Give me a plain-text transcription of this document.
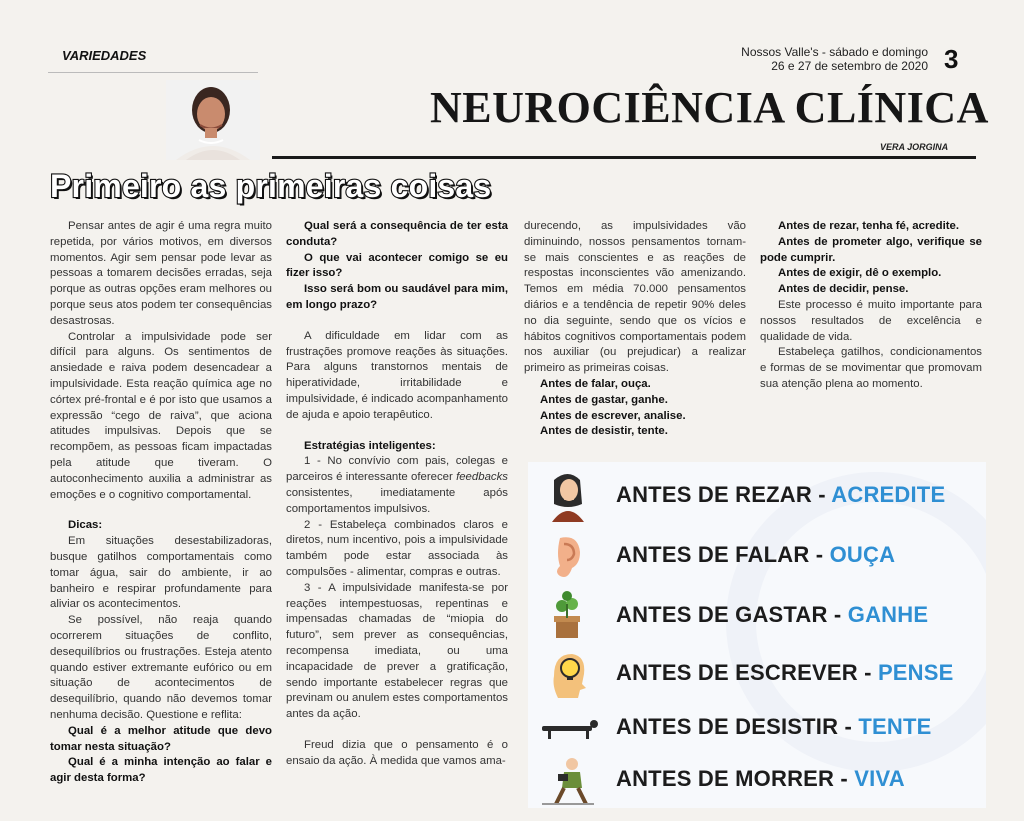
VARIEDADES	Nossos Valle's - sábado e domingo
26 e 27 de setembro de 2020 3
NEUROCIÊNCIA CLÍNICA
VERA JORGINA
Primeiro as primeiras coisas

Pensar antes de agir é uma regra muito repetida, por vários motivos, em diversos momentos. Agir sem pensar pode levar as pessoas a tomarem decisões erradas, seja porque as outras opções eram melhores ou porque seus atos podem ter consequências desastrosas.

Controlar a impulsividade pode ser difícil para alguns. Os sentimentos de ansiedade e raiva podem desencadear a impulsividade. Esta reação química age no córtex pré-frontal e é por isto que usamos a expressão “cego de raiva”, que aciona atitudes impulsivas. Depois que se recompõem, as pessoas ficam impactadas pela atitude que tiveram. O autoconhecimento auxilia a administrar as emoções e o cognitivo comportamental.

Dicas:

Em situações desestabilizadoras, busque gatilhos comportamentais como tomar água, sair do ambiente, ir ao banheiro e respirar profundamente para aliviar os acontecimentos.

Se possível, não reaja quando ocorrerem situações de conflito, desequilíbrios ou frustrações. Esteja atento quando estiver extremante eufórico ou em situação de acontecimentos de desequilíbrio, quando não devemos tomar nenhuma decisão. Questione e reflita:

Qual é a melhor atitude que devo tomar nesta situação?
Qual é a minha intenção ao falar e agir desta forma?
Qual será a consequência de ter esta conduta?
O que vai acontecer comigo se eu fizer isso?
Isso será bom ou saudável para mim, em longo prazo?

A dificuldade em lidar com as frustrações promove reações às situações. Para alguns transtornos mentais de hiperatividade, irritabilidade e impulsividade, é indicado acompanhamento de ajuda e apoio terapêutico.

Estratégias inteligentes:

1 - No convívio com pais, colegas e parceiros é interessante oferecer feedbacks consistentes, imediatamente após comportamentos impulsivos.

2 - Estabeleça combinados claros e diretos, num incentivo, pois a impulsividade também pode estar associada às compulsões - alimentar, compras e outras.

3 - A impulsividade manifesta-se por reações intempestuosas, repentinas e impensadas chamadas de “miopia do futuro”, sem prever as consequências, recompensa imediata, ou uma incapacidade de prever a gratificação, sendo importante estabelecer regras que previnam ou anulem estes comportamentos antes da ação.

Freud dizia que o pensamento é o ensaio da ação. À medida que vamos ama-

durecendo, as impulsividades vão diminuindo, nossos pensamentos tornam-se mais conscientes e as reações de respostas inconscientes vão amenizando. Temos em média 70.000 pensamentos diários e a tendência de repetir 90% deles no dia seguinte, sendo que os vícios e hábitos cognitivos comportamentais podem nos auxiliar (ou prejudicar) a realizar primeiro as primeiras coisas.

Antes de falar, ouça.
Antes de gastar, ganhe.
Antes de escrever, analise.
Antes de desistir, tente.
Antes de rezar, tenha fé, acredite.
Antes de prometer algo, verifique se pode cumprir.
Antes de exigir, dê o exemplo.
Antes de decidir, pense.

Este processo é muito importante para nossos resultados de excelência e qualidade de vida.

Estabeleça gatilhos, condicionamentos e formas de se movimentar que promovam sua atenção plena ao momento.

ANTES DE REZAR - ACREDITE
ANTES DE FALAR - OUÇA
ANTES DE GASTAR - GANHE
ANTES DE ESCREVER - PENSE
ANTES DE DESISTIR - TENTE
ANTES DE MORRER - VIVA
